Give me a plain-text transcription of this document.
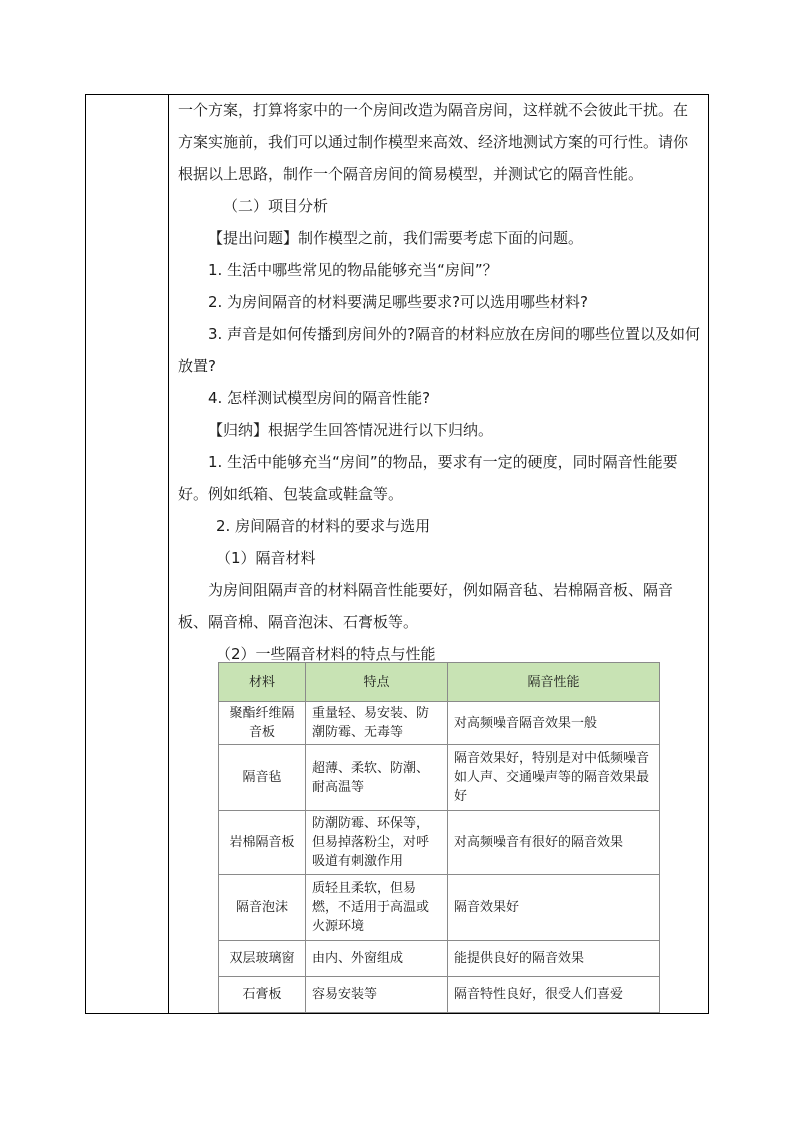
一个方案，打算将家中的一个房间改造为隔音房间，这样就不会彼此干扰。在方案实施前，我们可以通过制作模型来高效、经济地测试方案的可行性。请你根据以上思路，制作一个隔音房间的简易模型，并测试它的隔音性能。

（二）项目分析

【提出问题】制作模型之前，我们需要考虑下面的问题。

1. 生活中哪些常见的物品能够充当“房间”？

2. 为房间隔音的材料要满足哪些要求?可以选用哪些材料?

3. 声音是如何传播到房间外的?隔音的材料应放在房间的哪些位置以及如何放置?

4. 怎样测试模型房间的隔音性能?

【归纳】根据学生回答情况进行以下归纳。

1. 生活中能够充当“房间”的物品，要求有一定的硬度，同时隔音性能要好。例如纸箱、包装盒或鞋盒等。

2. 房间隔音的材料的要求与选用

（1）隔音材料

为房间阻隔声音的材料隔音性能要好，例如隔音毡、岩棉隔音板、隔音板、隔音棉、隔音泡沫、石膏板等。

（2）一些隔音材料的特点与性能

材料	特点	隔音性能
聚酯纤维隔音板	重量轻、易安装、防潮防霉、无毒等	对高频噪音隔音效果一般
隔音毡	超薄、柔软、防潮、耐高温等	隔音效果好，特别是对中低频噪音如人声、交通噪声等的隔音效果最好
岩棉隔音板	防潮防霉、环保等，但易掉落粉尘，对呼吸道有刺激作用	对高频噪音有很好的隔音效果
隔音泡沫	质轻且柔软，但易燃，不适用于高温或火源环境	隔音效果好
双层玻璃窗	由内、外窗组成	能提供良好的隔音效果
石膏板	容易安装等	隔音特性良好，很受人们喜爱
